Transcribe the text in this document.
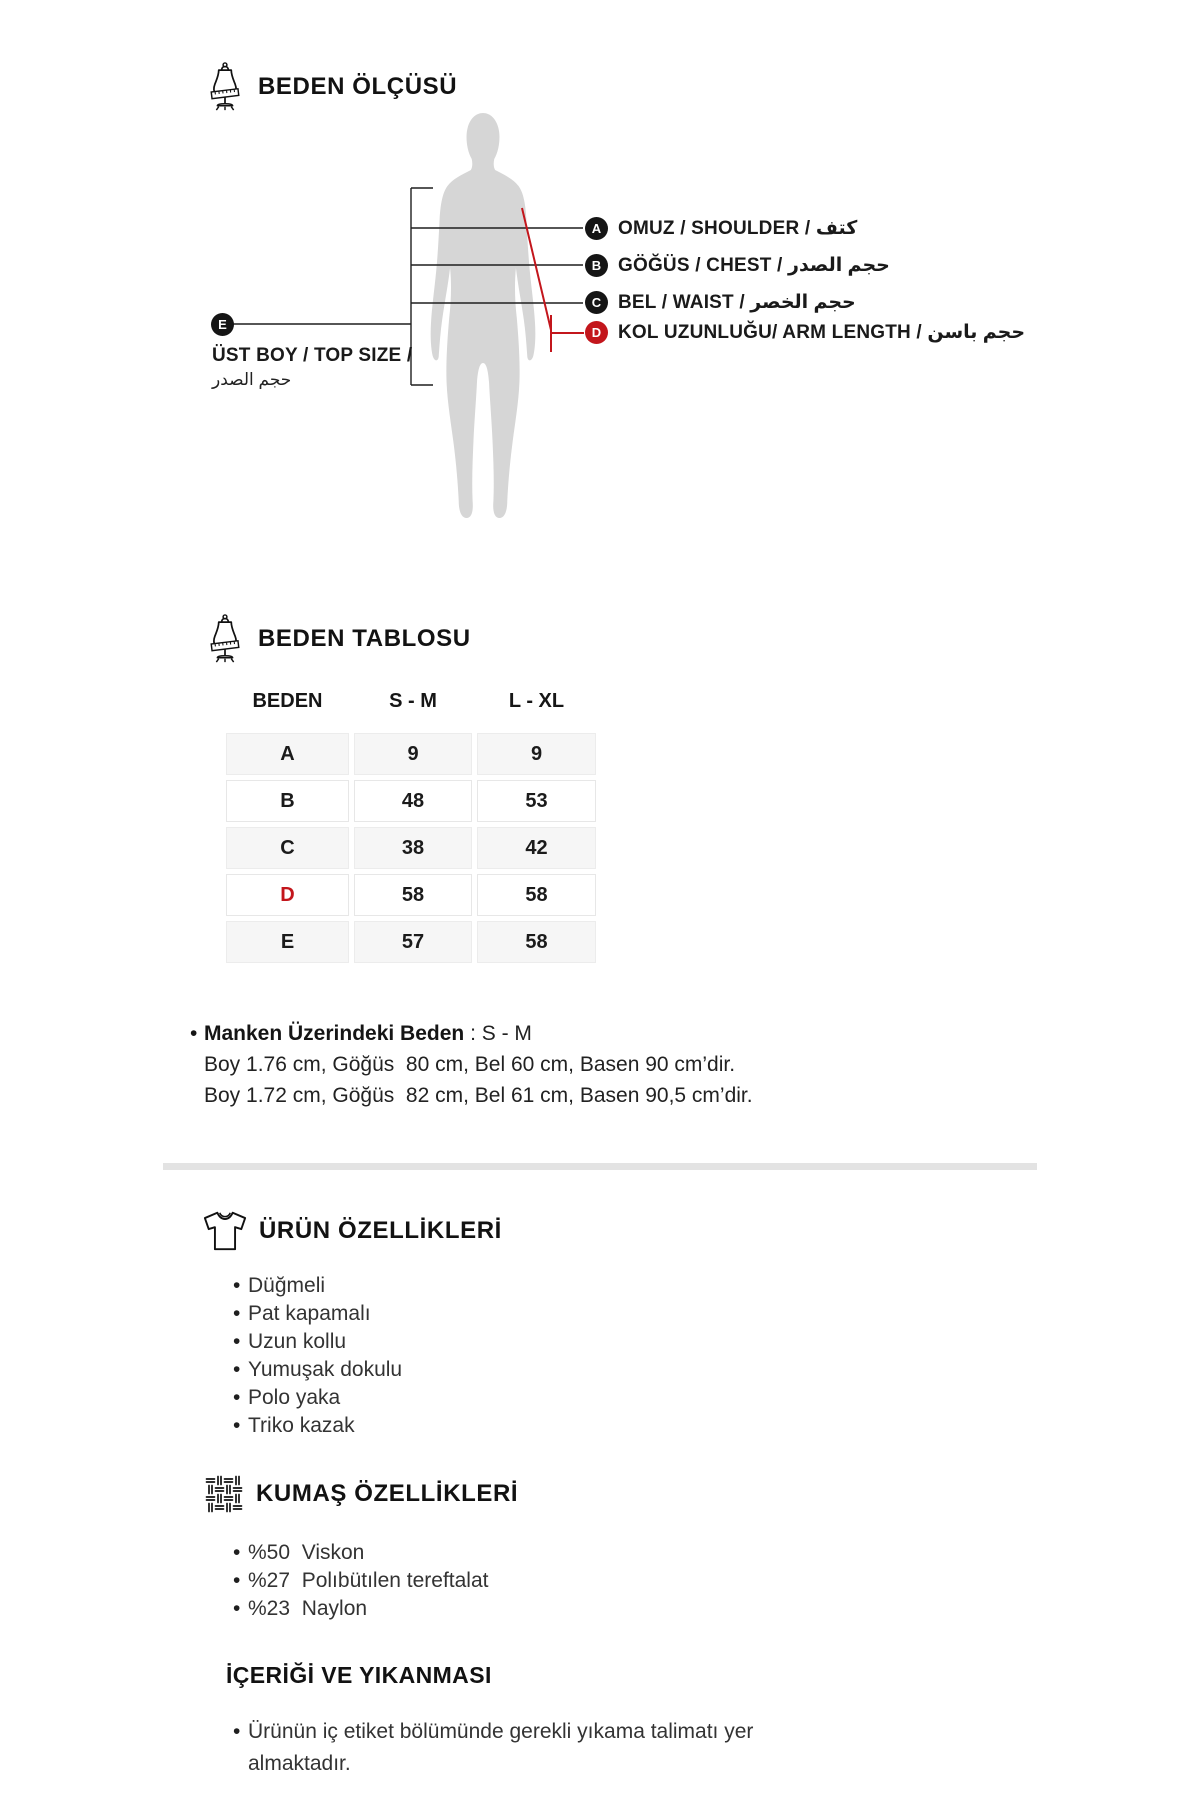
BEDEN ÖLÇÜSÜ
A OMUZ / SHOULDER / كتف
B GÖĞÜS / CHEST / حجم الصدر
C BEL / WAIST / حجم الخصر
D KOL UZUNLUĞU/ ARM LENGTH / حجم باسن
E
ÜST BOY / TOP SIZE /
حجم الصدر
BEDEN TABLOSU
BEDEN	S - M	L - XL
A	9	9
B	48	53
C	38	42
D	58	58
E	57	58
• Manken Üzerindeki Beden : S - M
Boy 1.76 cm, Göğüs  80 cm, Bel 60 cm, Basen 90 cm’dir.
Boy 1.72 cm, Göğüs  82 cm, Bel 61 cm, Basen 90,5 cm’dir.
ÜRÜN ÖZELLİKLERİ
• Düğmeli
• Pat kapamalı
• Uzun kollu
• Yumuşak dokulu
• Polo yaka
• Triko kazak
KUMAŞ ÖZELLİKLERİ
• %50  Viskon
• %27  Polıbütılen tereftalat
• %23  Naylon
İÇERİĞİ VE YIKANMASI
• Ürünün iç etiket bölümünde gerekli yıkama talimatı yer almaktadır.
